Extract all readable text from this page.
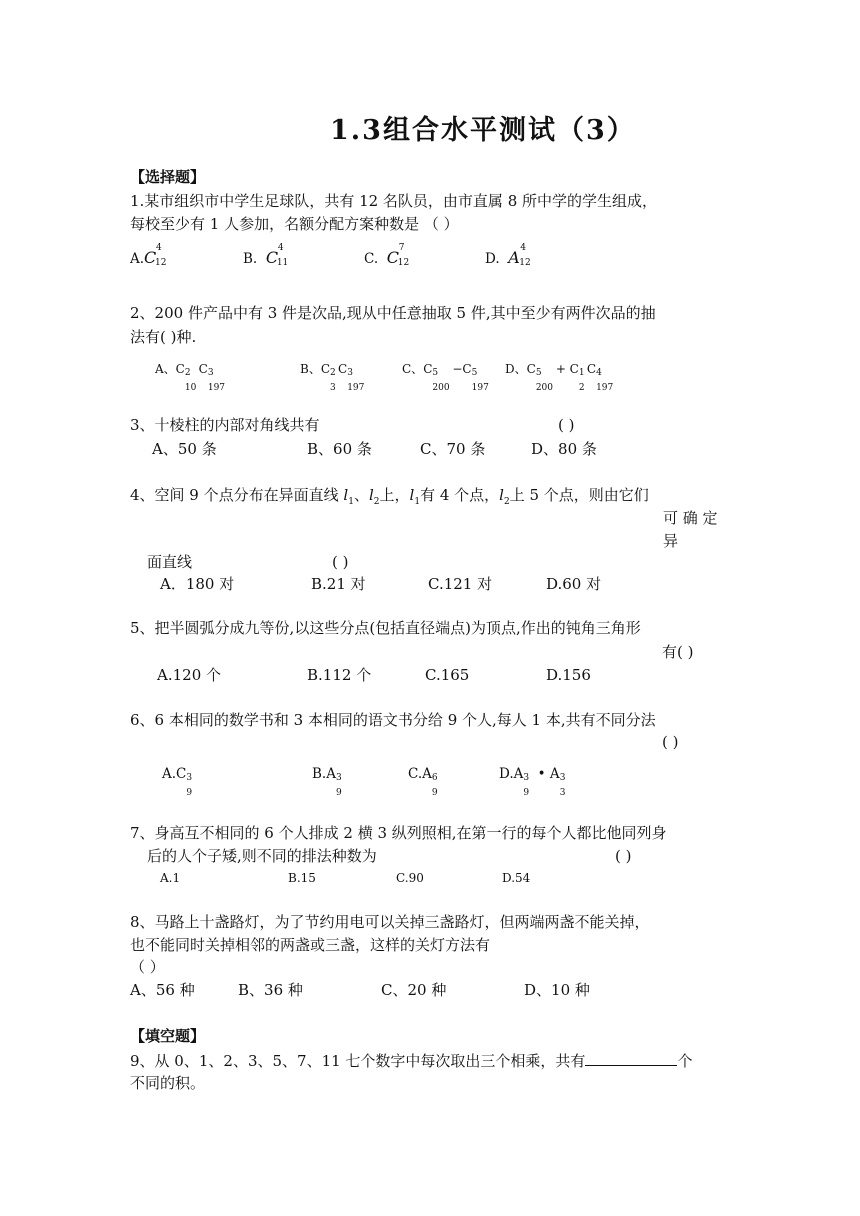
1.3组合水平测试（3）
【选择题】
1.某市组织市中学生足球队，共有 12 名队员，由市直属 8 所中学的学生组成，
每校至少有 1 人参加，名额分配方案种数是 （ ）
A.C 4
12	B. C 4
11	C. C 7
12	D. A 4
12
2、200 件产品中有 3 件是次品,现从中任意抽取 5 件,其中至少有两件次品的抽
法有( )种.
A、C 2
10
C 3
197
B、C 2
3
C 3
197
C、C 5
200
−C 5
197
D、C 5
200
+ C 1
2
C 4
197
3、十棱柱的内部对角线共有	( )
A、50 条	B、60 条	C、70 条	D、80 条
4、空间 9 个点分布在异面直线 $l_1$、$l_2$上，$l_1$有 4 个点，$l_2$上 5 个点，则由它们
可 确 定
异
面直线	( )
A．180 对	B.21 对	C.121 对	D.60 对
5、把半圆弧分成九等份,以这些分点(包括直径端点)为顶点,作出的钝角三角形
有( )
A.120 个	B.112 个	C.165	D.156
6、6 本相同的数学书和 3 本相同的语文书分给 9 个人,每人 1 本,共有不同分法
( )
A.C 3
9
B.A 3
9
C.A 6
9
D.A 3
9
• A 3
3
7、身高互不相同的 6 个人排成 2 横 3 纵列照相,在第一行的每个人都比他同列身
后的人个子矮,则不同的排法种数为	( )
A.1	B.15	C.90	D.54
8、马路上十盏路灯，为了节约用电可以关掉三盏路灯，但两端两盏不能关掉，
也不能同时关掉相邻的两盏或三盏，这样的关灯方法有
（ ）
A、56 种	B、36 种	C、20 种	D、10 种
【填空题】
9、从 0、1、2、3、5、7、11 七个数字中每次取出三个相乘，共有	个
不同的积。
